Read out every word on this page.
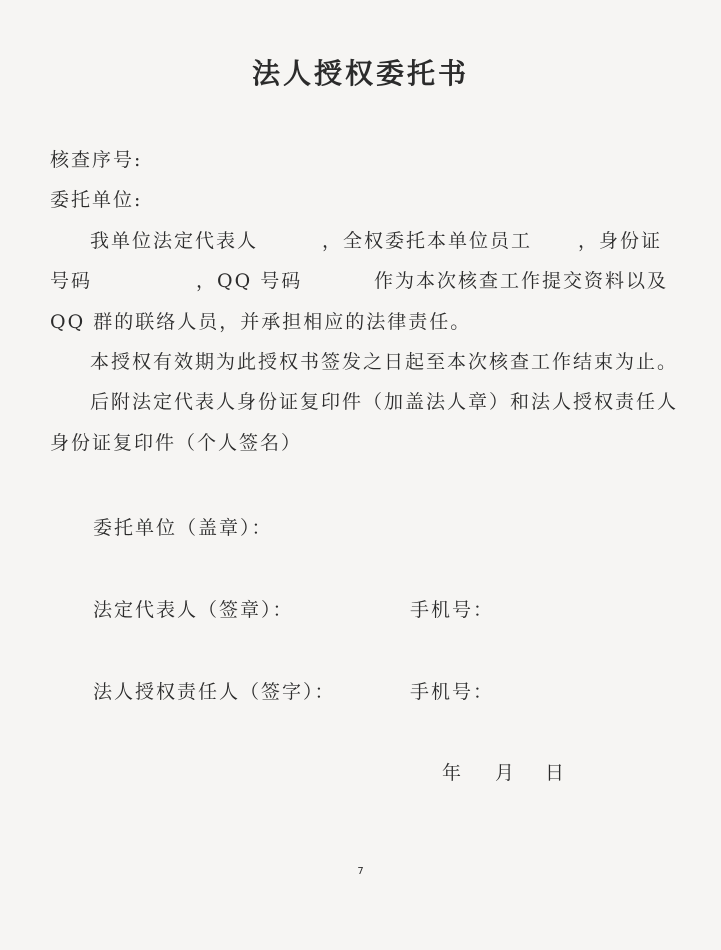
法人授权委托书
核查序号:
委托单位:
我单位法定代表人	，全权委托本单位员工 ，身份证
号码	，QQ 号码	作为本次核查工作提交资料以及
QQ 群的联络人员，并承担相应的法律责任。
本授权有效期为此授权书签发之日起至本次核查工作结束为止。
后附法定代表人身份证复印件（加盖法人章）和法人授权责任人
身份证复印件（个人签名）
委托单位（盖章）：
法定代表人（签章）：	手机号：
法人授权责任人（签字）：	手机号：
年 月 日
7
